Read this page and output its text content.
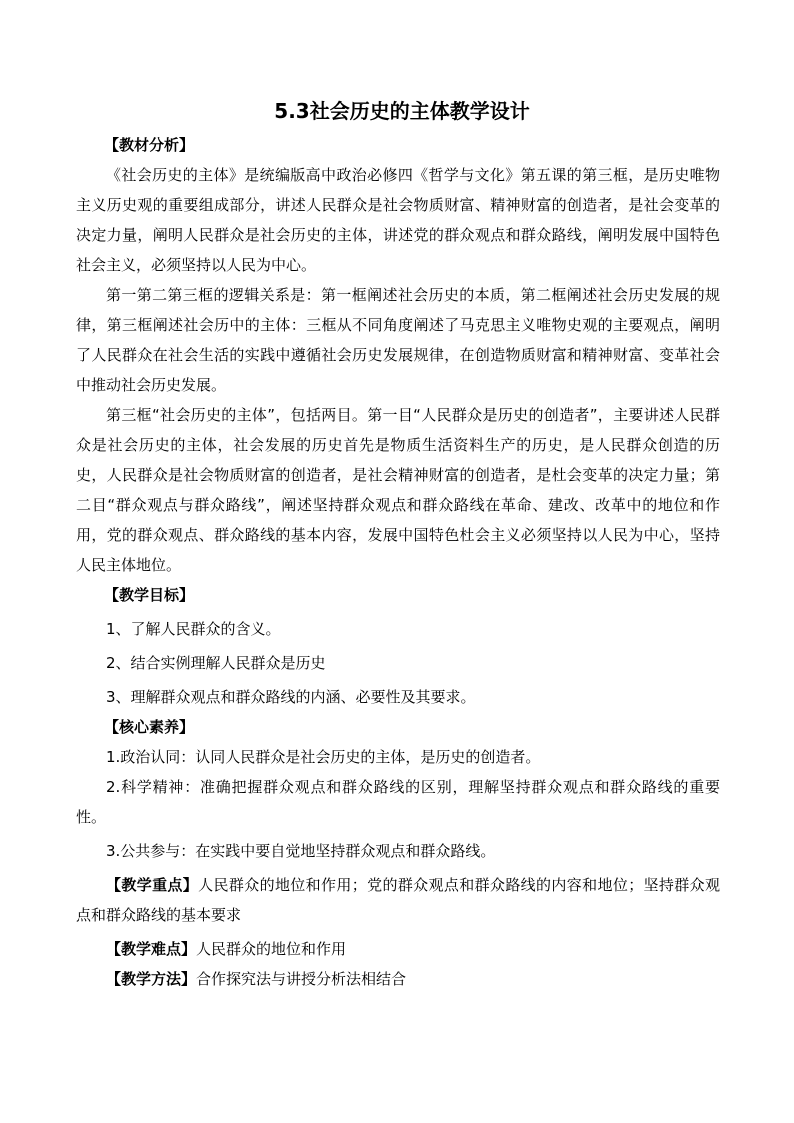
5.3社会历史的主体教学设计

【教材分析】

《社会历史的主体》是统编版高中政治必修四《哲学与文化》第五课的第三框，是历史唯物主义历史观的重要组成部分，讲述人民群众是社会物质财富、精神财富的创造者，是社会变革的决定力量，阐明人民群众是社会历史的主体，讲述党的群众观点和群众路线，阐明发展中国特色社会主义，必须坚持以人民为中心。

第一第二第三框的逻辑关系是：第一框阐述社会历史的本质，第二框阐述社会历史发展的规律，第三框阐述社会历中的主体：三框从不同角度阐述了马克思主义唯物史观的主要观点，阐明了人民群众在社会生活的实践中遵循社会历史发展规律，在创造物质财富和精神财富、变革社会中推动社会历史发展。

第三框“社会历史的主体”，包括两目。第一目“人民群众是历史的创造者”，主要讲述人民群众是社会历史的主体，社会发展的历史首先是物质生活资料生产的历史，是人民群众创造的历史，人民群众是社会物质财富的创造者，是社会精神财富的创造者，是杜会变革的决定力量；第二目“群众观点与群众路线”，阐述坚持群众观点和群众路线在革命、建改、改革中的地位和作用，党的群众观点、群众路线的基本内容，发展中国特色杜会主义必须坚持以人民为中心，坚持人民主体地位。

【教学目标】

1、了解人民群众的含义。

2、结合实例理解人民群众是历史

3、理解群众观点和群众路线的内涵、必要性及其要求。

【核心素养】

1.政治认同：认同人民群众是社会历史的主体，是历史的创造者。

2.科学精神：准确把握群众观点和群众路线的区别，理解坚持群众观点和群众路线的重要性。

3.公共参与：在实践中要自觉地坚持群众观点和群众路线。

【教学重点】人民群众的地位和作用；党的群众观点和群众路线的内容和地位；坚持群众观点和群众路线的基本要求

【教学难点】人民群众的地位和作用

【教学方法】合作探究法与讲授分析法相结合
